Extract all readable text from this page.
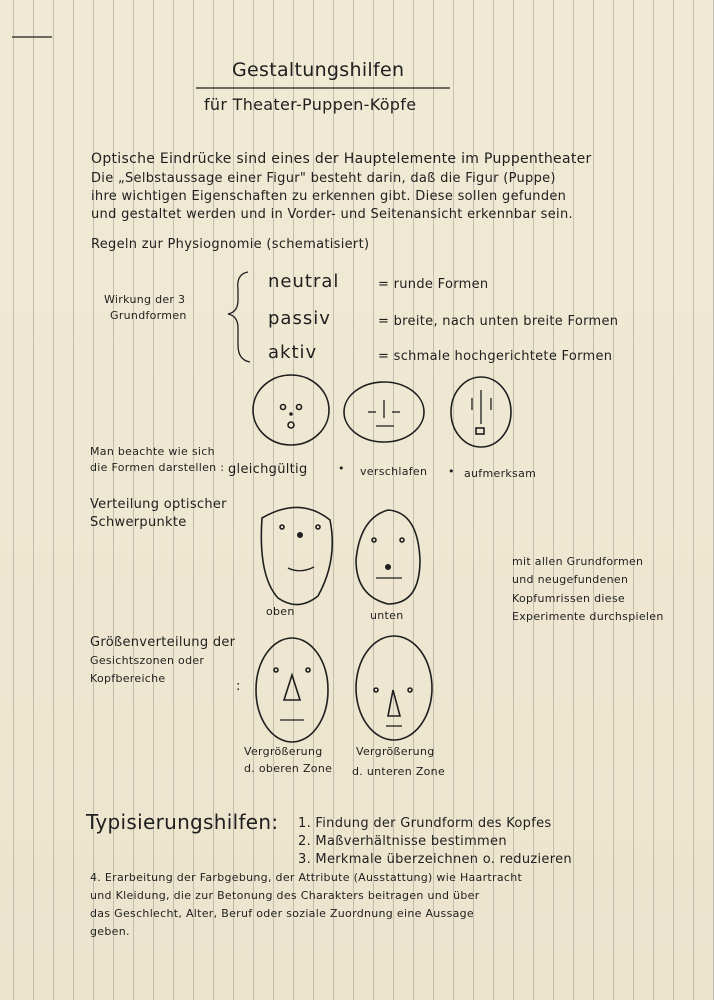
Gestaltungshilfen
für Theater-Puppen-Köpfe
Optische Eindrücke sind eines der Hauptelemente im Puppentheater
Die „Selbstaussage einer Figur" besteht darin, daß die Figur (Puppe)
ihre wichtigen Eigenschaften zu erkennen gibt. Diese sollen gefunden
und gestaltet werden und in Vorder- und Seitenansicht erkennbar sein.
Regeln zur Physiognomie (schematisiert)
Wirkung der 3
Grundformen
neutral	= runde Formen
passiv	= breite, nach unten breite Formen
aktiv	= schmale hochgerichtete Formen
Man beachte wie sich
die Formen darstellen : gleichgültig	• verschlafen • aufmerksam
Verteilung optischer
Schwerpunkte
oben	unten
mit allen Grundformen
und neugefundenen
Kopfumrissen diese
Experimente durchspielen
Größenverteilung der
Gesichtszonen oder
Kopfbereiche
:
Vergrößerung
d. oberen Zone
Vergrößerung
d. unteren Zone
Typisierungshilfen: 1. Findung der Grundform des Kopfes
2. Maßverhältnisse bestimmen
3. Merkmale überzeichnen o. reduzieren
4. Erarbeitung der Farbgebung, der Attribute (Ausstattung) wie Haartracht
und Kleidung, die zur Betonung des Charakters beitragen und über
das Geschlecht, Alter, Beruf oder soziale Zuordnung eine Aussage
geben.
